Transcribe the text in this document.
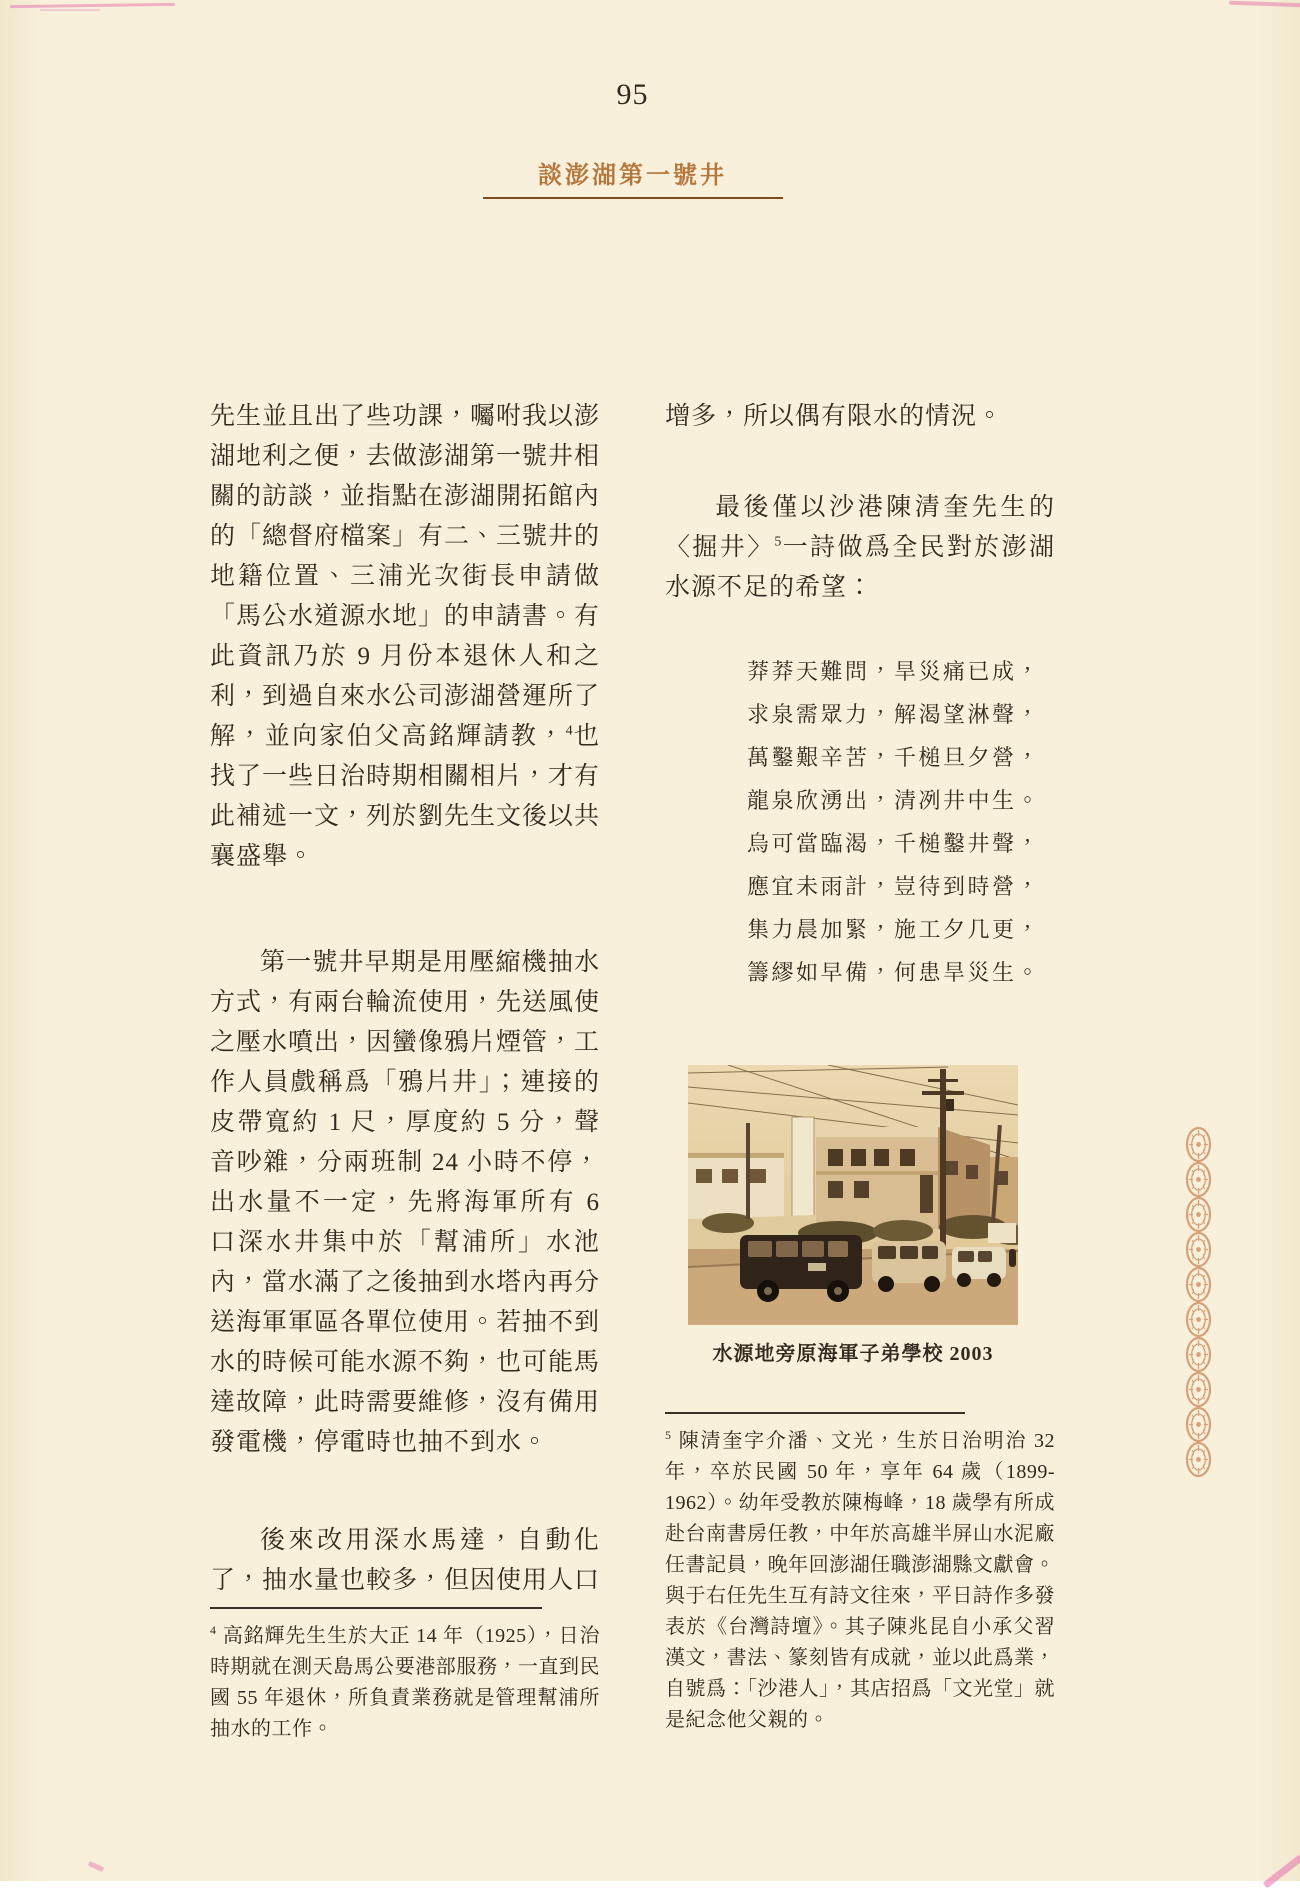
95
談澎湖第一號井

先生並且出了些功課，囑咐我以澎湖地利之便，去做澎湖第一號井相關的訪談，並指點在澎湖開拓館內的「總督府檔案」有二、三號井的地籍位置、三浦光次街長申請做「馬公水道源水地」的申請書。有此資訊乃於 9 月份本退休人和之利，到過自來水公司澎湖營運所了解，並向家伯父高銘輝請教，$^4$也找了一些日治時期相關相片，才有此補述一文，列於劉先生文後以共襄盛舉。

第一號井早期是用壓縮機抽水方式，有兩台輪流使用，先送風使之壓水噴出，因蠻像鴉片煙管，工作人員戲稱爲「鴉片井」；連接的皮帶寬約 1 尺，厚度約 5 分，聲音吵雜，分兩班制 24 小時不停，出水量不一定，先將海軍所有 6 口深水井集中於「幫浦所」水池內，當水滿了之後抽到水塔內再分送海軍軍區各單位使用。若抽不到水的時候可能水源不夠，也可能馬達故障，此時需要維修，沒有備用發電機，停電時也抽不到水。

後來改用深水馬達，自動化了，抽水量也較多，但因使用人口

$^4$ 高銘輝先生生於大正 14 年（1925），日治時期就在測天島馬公要港部服務，一直到民國 55 年退休，所負責業務就是管理幫浦所抽水的工作。

增多，所以偶有限水的情況。

最後僅以沙港陳清奎先生的〈掘井〉$^5$一詩做爲全民對於澎湖水源不足的希望：

莽莽天難問，旱災痛已成，
求泉需眾力，解渴望淋聲，
萬鑿艱辛苦，千槌旦夕營，
龍泉欣湧出，清冽井中生。
烏可當臨渴，千槌鑿井聲，
應宜未雨計，豈待到時營，
集力晨加緊，施工夕几更，
籌繆如早備，何患旱災生。
水源地旁原海軍子弟學校 2003

$^5$ 陳清奎字介潘、文光，生於日治明治 32 年，卒於民國 50 年，享年 64 歲（1899-1962）。幼年受教於陳梅峰，18 歲學有所成赴台南書房任教，中年於高雄半屏山水泥廠任書記員，晚年回澎湖任職澎湖縣文獻會。與于右任先生互有詩文往來，平日詩作多發表於《台灣詩壇》。其子陳兆昆自小承父習漢文，書法、篆刻皆有成就，並以此爲業，自號爲：「沙港人」，其店招爲「文光堂」就是紀念他父親的。
